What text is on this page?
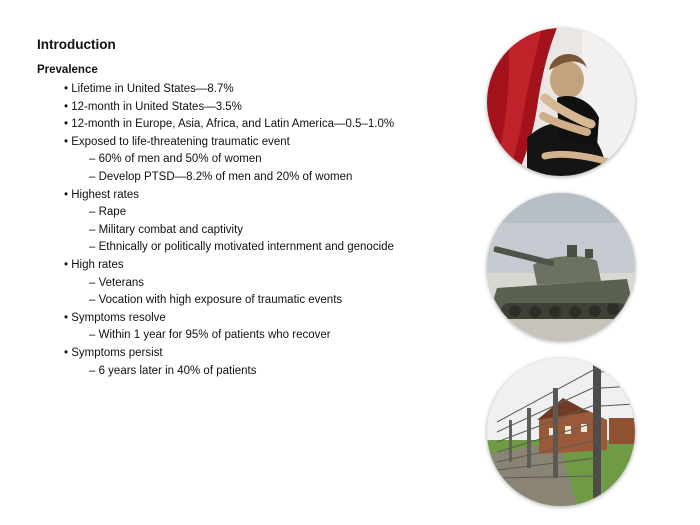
Introduction
Prevalence
• Lifetime in United States—8.7%
• 12-month in United States—3.5%
• 12-month in Europe, Asia, Africa, and Latin America—0.5–1.0%
• Exposed to life-threatening traumatic event
– 60% of men and 50% of women
– Develop PTSD—8.2% of men and 20% of women
• Highest rates
– Rape
– Military combat and captivity
– Ethnically or politically motivated internment and genocide
• High rates
– Veterans
– Vocation with high exposure of traumatic events
• Symptoms resolve
– Within 1 year for 95% of patients who recover
• Symptoms persist
– 6 years later in 40% of patients
